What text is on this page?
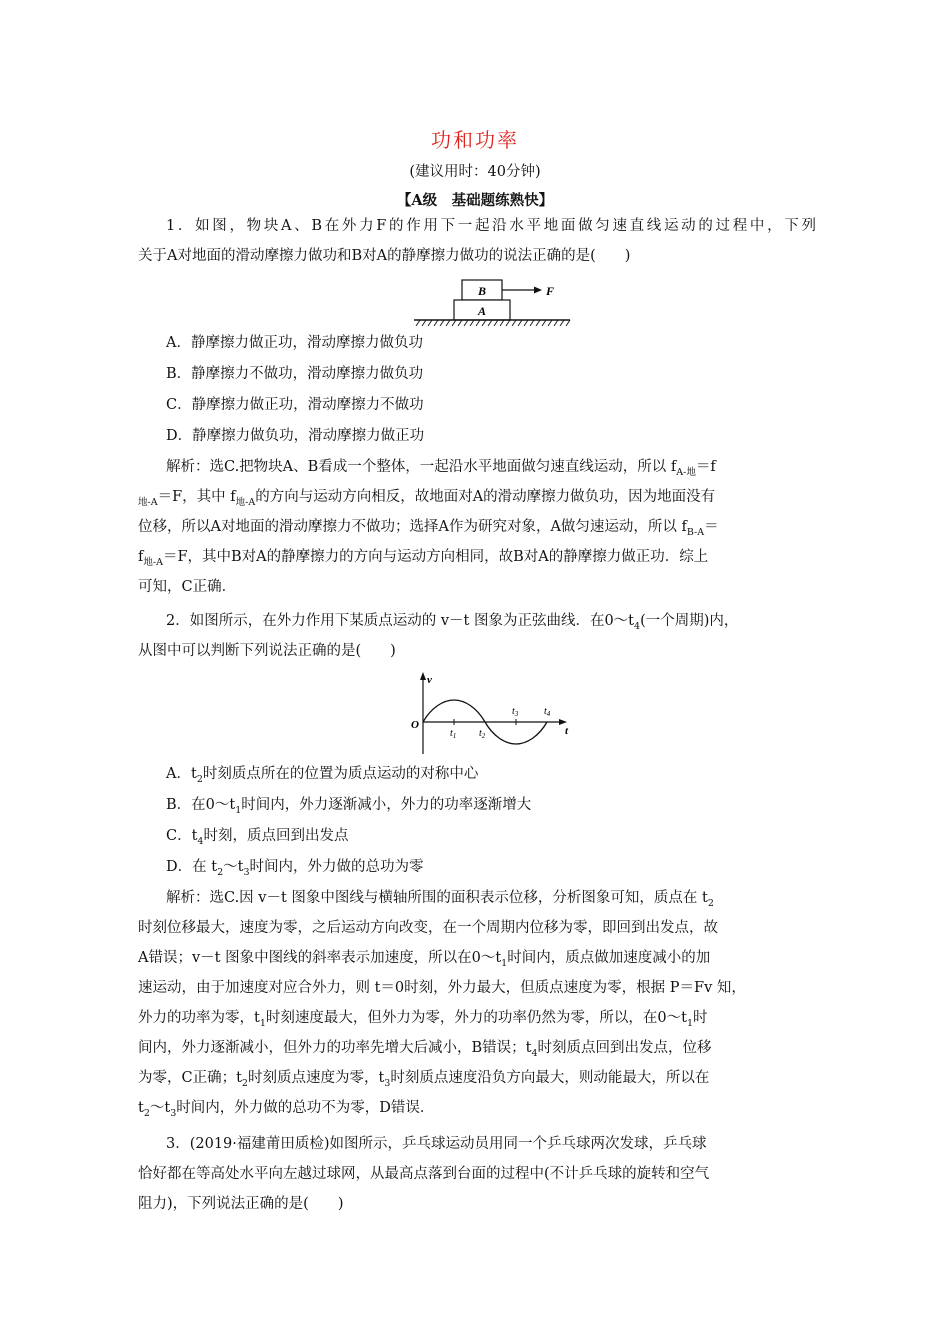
功和功率
(建议用时：40分钟)
【A级　基础题练熟快】
1．如图，物块A、B在外力F的作用下一起沿水平地面做匀速直线运动的过程中，下列
关于A对地面的滑动摩擦力做功和B对A的静摩擦力做功的说法正确的是(　　)
B
A
F
A．静摩擦力做正功，滑动摩擦力做负功
B．静摩擦力不做功，滑动摩擦力做负功
C．静摩擦力做正功，滑动摩擦力不做功
D．静摩擦力做负功，滑动摩擦力做正功
解析：选C.把物块A、B看成一个整体，一起沿水平地面做匀速直线运动，所以 $f_{A-地}=f$
$_{地-A}$＝F，其中 $f_{地-A}$的方向与运动方向相反，故地面对A的滑动摩擦力做负功，因为地面没有
位移，所以A对地面的滑动摩擦力不做功；选择A作为研究对象，A做匀速运动，所以 $f_{B-A}=$
$f_{地-A}=F$，其中B对A的静摩擦力的方向与运动方向相同，故B对A的静摩擦力做正功．综上
可知，C正确．
2．如图所示，在外力作用下某质点运动的 v－t 图象为正弦曲线．在$0\sim t_4$(一个周期)内，
从图中可以判断下列说法正确的是(　　)
v
O	t
$t_1$ $t_2$
$t_3$	$t_4$
A．$t_2$时刻质点所在的位置为质点运动的对称中心
B．在$0\sim t_1$时间内，外力逐渐减小，外力的功率逐渐增大
C．$t_4$时刻，质点回到出发点
D．在 $t_2\sim t_3$时间内，外力做的总功为零
解析：选C.因 v－t 图象中图线与横轴所围的面积表示位移，分析图象可知，质点在 $t_2$
时刻位移最大，速度为零，之后运动方向改变，在一个周期内位移为零，即回到出发点，故
A错误；v－t 图象中图线的斜率表示加速度，所以在$0\sim t_1$时间内，质点做加速度减小的加
速运动，由于加速度对应合外力，则 t＝0时刻，外力最大，但质点速度为零，根据 P＝Fv 知，
外力的功率为零，$t_1$时刻速度最大，但外力为零，外力的功率仍然为零，所以，在$0\sim t_1$时
间内，外力逐渐减小，但外力的功率先增大后减小，B错误；$t_4$时刻质点回到出发点，位移
为零，C正确；$t_2$时刻质点速度为零，$t_3$时刻质点速度沿负方向最大，则动能最大，所以在
$t_2\sim t_3$时间内，外力做的总功不为零，D错误．
3．(2019·福建莆田质检)如图所示，乒乓球运动员用同一个乒乓球两次发球，乒乓球
恰好都在等高处水平向左越过球网，从最高点落到台面的过程中(不计乒乓球的旋转和空气
阻力)，下列说法正确的是(　　)
